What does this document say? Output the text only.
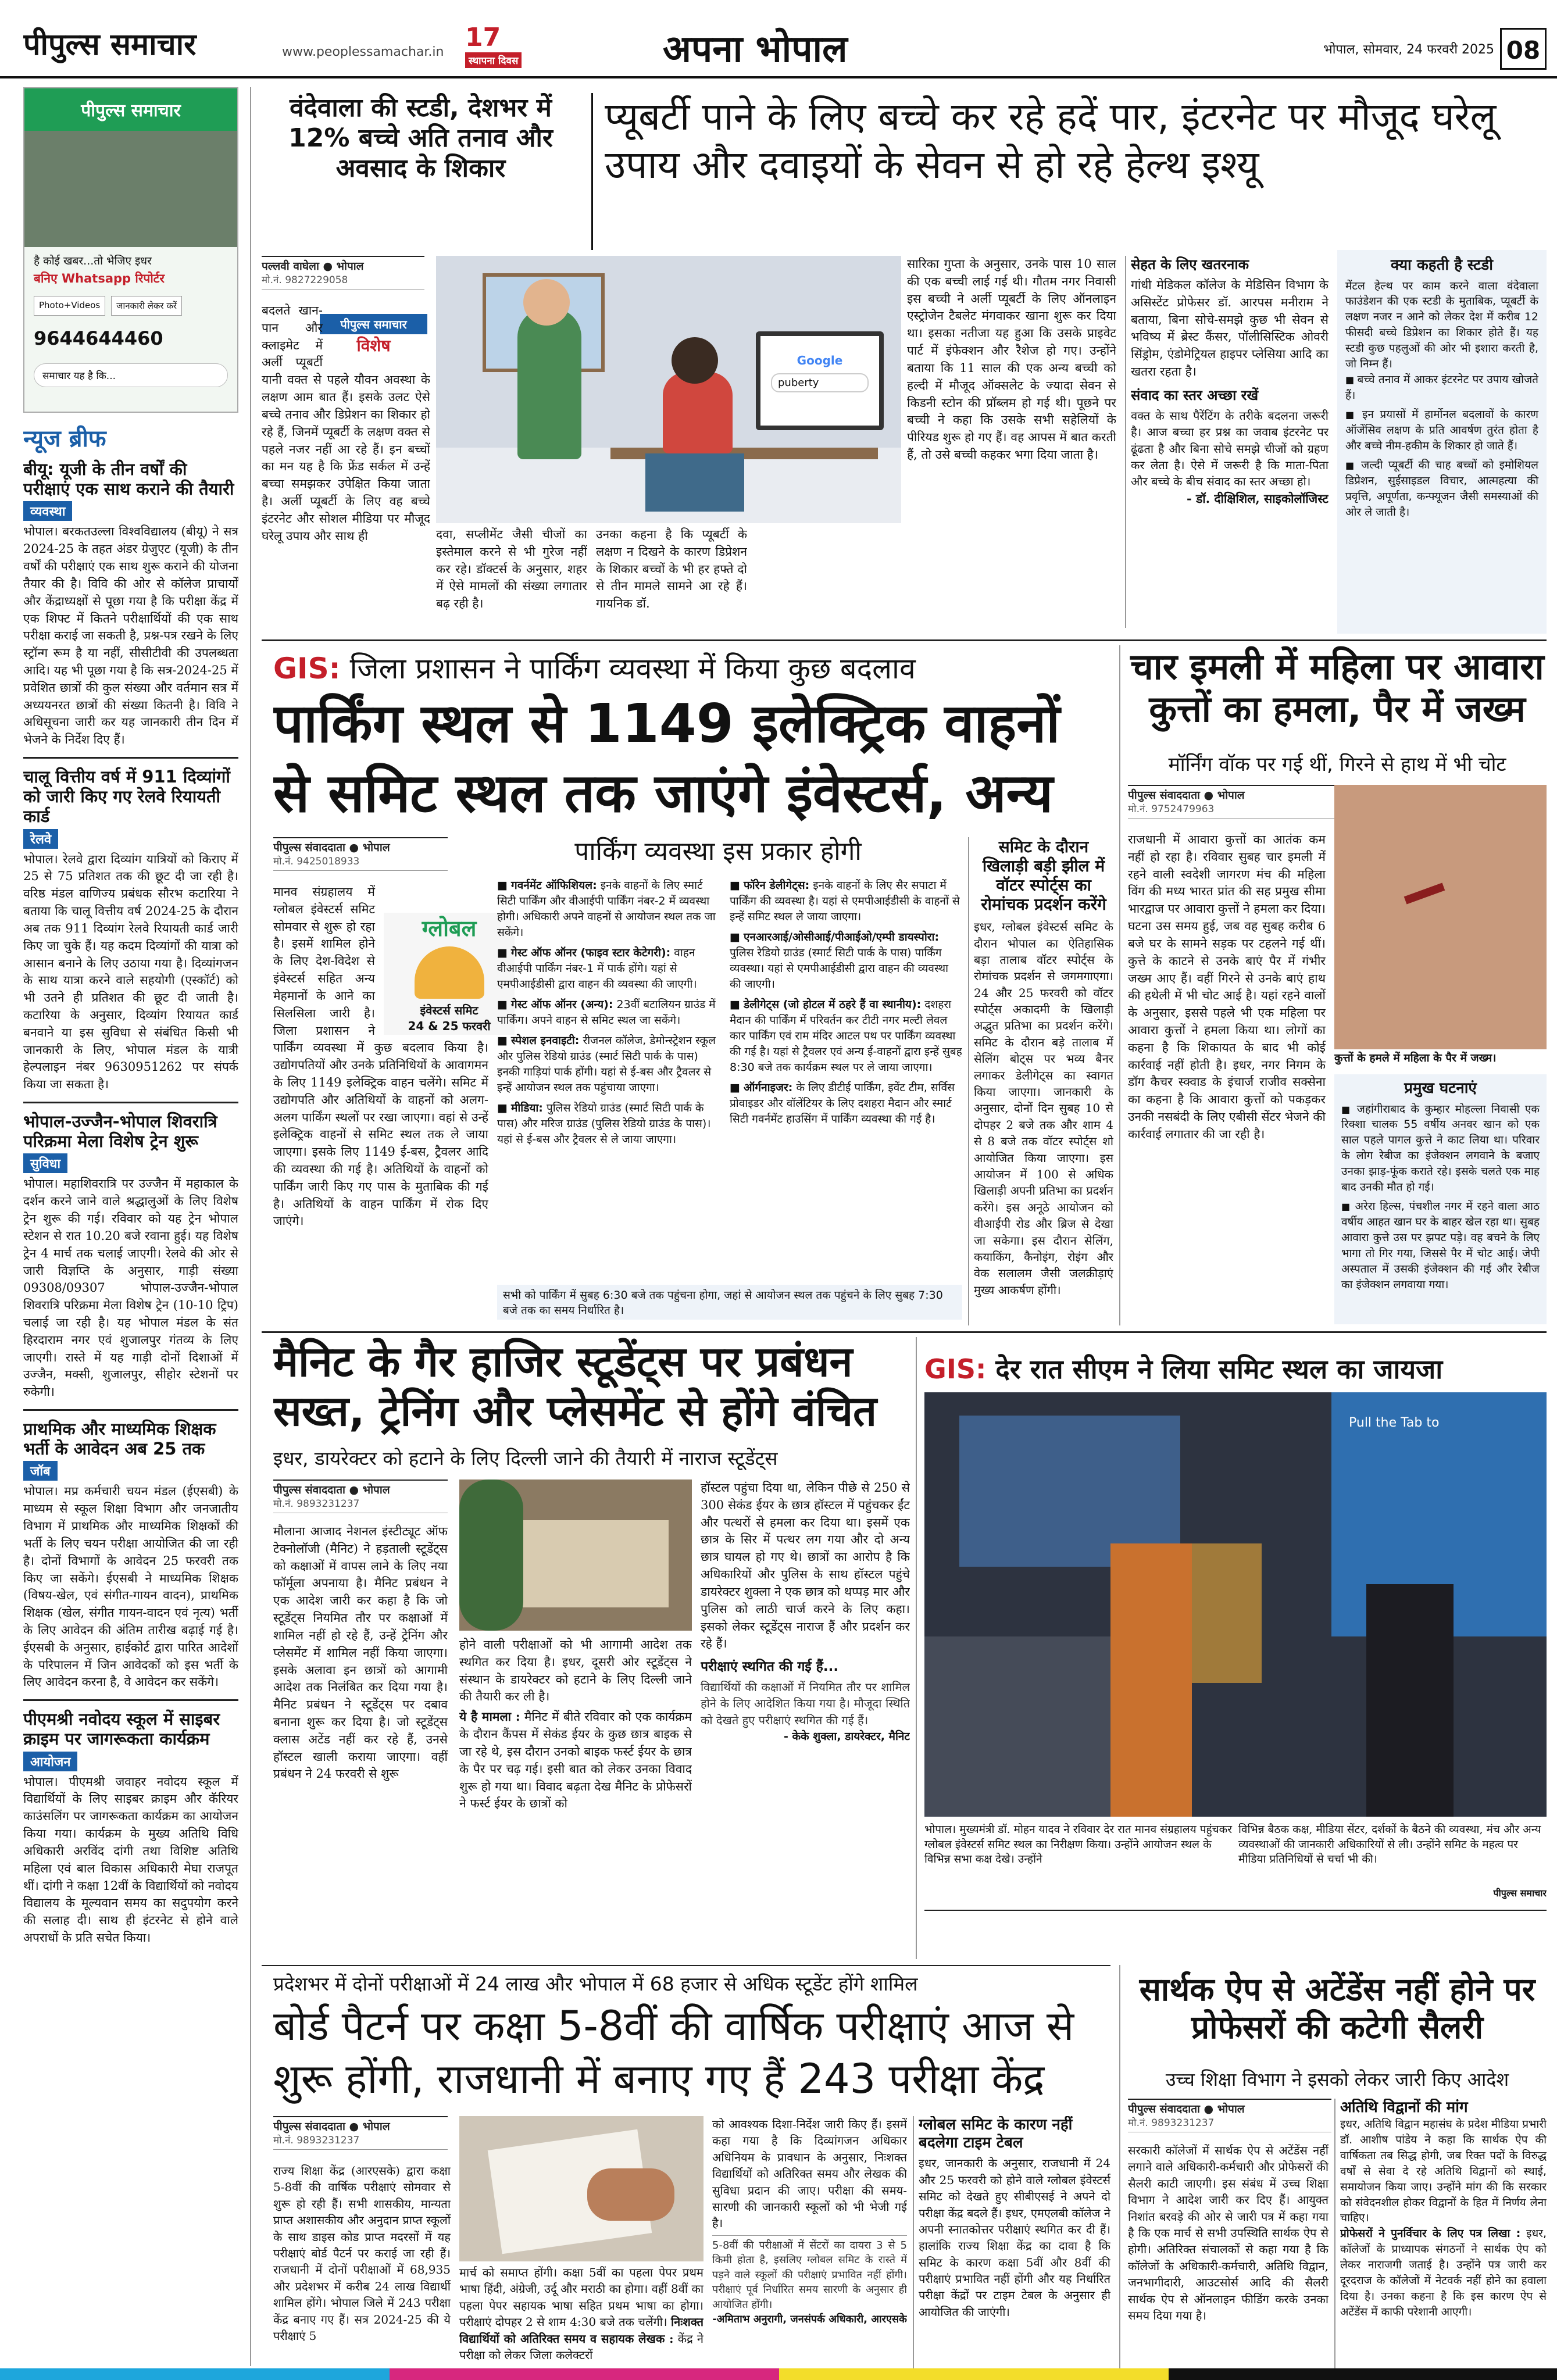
पीपुल्स समाचार	www.peoplessamachar.in 17
स्थापना दिवस	अपना भोपाल	भोपाल, सोमवार, 24 फरवरी 2025 08
पीपुल्स समाचार
है कोई खबर...तो भेजिए इधर
बनिए Whatsapp रिपोर्टर
Photo+Videos	जानकारी लेकर करें
9644644460
समाचार यह है कि...
न्यूज ब्रीफ
बीयू: यूजी के तीन वर्षों की परीक्षाएं एक साथ कराने की तैयारी
व्यवस्था
भोपाल। बरकतउल्ला विश्वविद्यालय (बीयू) ने सत्र 2024-25 के तहत अंडर ग्रेजुएट (यूजी) के तीन वर्षों की परीक्षाएं एक साथ शुरू कराने की योजना तैयार की है। विवि की ओर से कॉलेज प्राचार्यों और केंद्राध्यक्षों से पूछा गया है कि परीक्षा केंद्र में एक शिफ्ट में कितने परीक्षार्थियों की एक साथ परीक्षा कराई जा सकती है, प्रश्न-पत्र रखने के लिए स्ट्रॉन्ग रूम है या नहीं, सीसीटीवी की उपलब्धता आदि। यह भी पूछा गया है कि सत्र-2024-25 में प्रवेशित छात्रों की कुल संख्या और वर्तमान सत्र में अध्ययनरत छात्रों की संख्या कितनी है। विवि ने अधिसूचना जारी कर यह जानकारी तीन दिन में भेजने के निर्देश दिए हैं।
चालू वित्तीय वर्ष में 911 दिव्यांगों को जारी किए गए रेलवे रियायती कार्ड
रेलवे
भोपाल। रेलवे द्वारा दिव्यांग यात्रियों को किराए में 25 से 75 प्रतिशत तक की छूट दी जा रही है। वरिष्ठ मंडल वाणिज्य प्रबंधक सौरभ कटारिया ने बताया कि चालू वित्तीय वर्ष 2024-25 के दौरान अब तक 911 दिव्यांग रेलवे रियायती कार्ड जारी किए जा चुके हैं। यह कदम दिव्यांगों की यात्रा को आसान बनाने के लिए उठाया गया है। दिव्यांगजन के साथ यात्रा करने वाले सहयोगी (एस्कॉर्ट) को भी उतने ही प्रतिशत की छूट दी जाती है। कटारिया के अनुसार, दिव्यांग रियायत कार्ड बनवाने या इस सुविधा से संबंधित किसी भी जानकारी के लिए, भोपाल मंडल के यात्री हेल्पलाइन नंबर 9630951262 पर संपर्क किया जा सकता है।
भोपाल-उज्जैन-भोपाल शिवरात्रि परिक्रमा मेला विशेष ट्रेन शुरू
सुविधा
भोपाल। महाशिवरात्रि पर उज्जैन में महाकाल के दर्शन करने जाने वाले श्रद्धालुओं के लिए विशेष ट्रेन शुरू की गई। रविवार को यह ट्रेन भोपाल स्टेशन से रात 10.20 बजे रवाना हुई। यह विशेष ट्रेन 4 मार्च तक चलाई जाएगी। रेलवे की ओर से जारी विज्ञप्ति के अनुसार, गाड़ी संख्या 09308/09307 भोपाल-उज्जैन-भोपाल शिवरात्रि परिक्रमा मेला विशेष ट्रेन (10-10 ट्रिप) चलाई जा रही है। यह भोपाल मंडल के संत हिरदाराम नगर एवं शुजालपुर गंतव्य के लिए जाएगी। रास्ते में यह गाड़ी दोनों दिशाओं में उज्जैन, मक्सी, शुजालपुर, सीहोर स्टेशनों पर रुकेगी।
प्राथमिक और माध्यमिक शिक्षक भर्ती के आवेदन अब 25 तक
जॉब
भोपाल। मप्र कर्मचारी चयन मंडल (ईएसबी) के माध्यम से स्कूल शिक्षा विभाग और जनजातीय विभाग में प्राथमिक और माध्यमिक शिक्षकों की भर्ती के लिए चयन परीक्षा आयोजित की जा रही है। दोनों विभागों के आवेदन 25 फरवरी तक किए जा सकेंगे। ईएसबी ने माध्यमिक शिक्षक (विषय-खेल, एवं संगीत-गायन वादन), प्राथमिक शिक्षक (खेल, संगीत गायन-वादन एवं नृत्य) भर्ती के लिए आवेदन की अंतिम तारीख बढ़ाई गई है। ईएसबी के अनुसार, हाईकोर्ट द्वारा पारित आदेशों के परिपालन में जिन आवेदकों को इस भर्ती के लिए आवेदन करना है, वे आवेदन कर सकेंगे।
पीएमश्री नवोदय स्कूल में साइबर क्राइम पर जागरूकता कार्यक्रम
आयोजन
भोपाल। पीएमश्री जवाहर नवोदय स्कूल में विद्यार्थियों के लिए साइबर क्राइम और कॅरियर काउंसलिंग पर जागरूकता कार्यक्रम का आयोजन किया गया। कार्यक्रम के मुख्य अतिथि विधि अधिकारी अरविंद दांगी तथा विशिष्ट अतिथि महिला एवं बाल विकास अधिकारी मेघा राजपूत थीं। दांगी ने कक्षा 12वीं के विद्यार्थियों को नवोदय विद्यालय के मूल्यवान समय का सदुपयोग करने की सलाह दी। साथ ही इंटरनेट से होने वाले अपराधों के प्रति सचेत किया।
वंदेवाला की स्टडी, देशभर में 12% बच्चे अति तनाव और अवसाद के शिकार
प्यूबर्टी पाने के लिए बच्चे कर रहे हदें पार, इंटरनेट पर मौजूद घरेलू उपाय और दवाइयों के सेवन से हो रहे हेल्थ इश्यू
पल्लवी वाघेला ● भोपाल
मो.नं. 9827229058
पीपुल्स समाचार
विशेष
बदलते खान-पान और क्लाइमेट में अर्ली प्यूबर्टी यानी वक्त से पहले यौवन अवस्था के लक्षण आम बात हैं। इसके उलट ऐसे बच्चे तनाव और डिप्रेशन का शिकार हो रहे हैं, जिनमें प्यूबर्टी के लक्षण वक्त से पहले नजर नहीं आ रहे हैं। इन बच्चों का मन यह है कि फ्रेंड सर्कल में उन्हें बच्चा समझकर उपेक्षित किया जाता है। अर्ली प्यूबर्टी के लिए वह बच्चे इंटरनेट और सोशल मीडिया पर मौजूद घरेलू उपाय और साथ ही
Google
puberty
दवा, सप्लीमेंट जैसी चीजों का इस्तेमाल करने से भी गुरेज नहीं कर रहे। डॉक्टर्स के अनुसार, शहर में ऐसे मामलों की संख्या लगातार बढ़ रही है।
उनका कहना है कि प्यूबर्टी के लक्षण न दिखने के कारण डिप्रेशन के शिकार बच्चों के भी हर हफ्ते दो से तीन मामले सामने आ रहे हैं। गायनिक डॉ.
सारिका गुप्ता के अनुसार, उनके पास 10 साल की एक बच्ची लाई गई थी। गौतम नगर निवासी इस बच्ची ने अर्ली प्यूबर्टी के लिए ऑनलाइन एस्ट्रोजेन टैबलेट मंगवाकर खाना शुरू कर दिया था। इसका नतीजा यह हुआ कि उसके प्राइवेट पार्ट में इंफेक्शन और रैशेज हो गए। उन्होंने बताया कि 11 साल की एक अन्य बच्ची को हल्दी में मौजूद ऑक्सलेट के ज्यादा सेवन से किडनी स्टोन की प्रॉब्लम हो गई थी। पूछने पर बच्ची ने कहा कि उसके सभी सहेलियों के पीरियड शुरू हो गए हैं। वह आपस में बात करती हैं, तो उसे बच्ची कहकर भगा दिया जाता है।
सेहत के लिए खतरनाक
गांधी मेडिकल कॉलेज के मेडिसिन विभाग के असिस्टेंट प्रोफेसर डॉ. आरपस मनीराम ने बताया, बिना सोचे-समझे कुछ भी सेवन से भविष्य में ब्रेस्ट कैंसर, पॉलीसिस्टिक ओवरी सिंड्रोम, एंडोमेट्रियल हाइपर प्लेसिया आदि का खतरा रहता है।
संवाद का स्तर अच्छा रखें
वक्त के साथ पैरेंटिंग के तरीके बदलना जरूरी है। आज बच्चा हर प्रश्न का जवाब इंटरनेट पर ढूंढता है और बिना सोचे समझे चीजों को ग्रहण कर लेता है। ऐसे में जरूरी है कि माता-पिता और बच्चे के बीच संवाद का स्तर अच्छा हो।
- डॉ. दीक्षिशिल, साइकोलॉजिस्ट
क्या कहती है स्टडी
मेंटल हेल्थ पर काम करने वाला वंदेवाला फाउंडेशन की एक स्टडी के मुताबिक, प्यूबर्टी के लक्षण नजर न आने को लेकर देश में करीब 12 फीसदी बच्चे डिप्रेशन का शिकार होते हैं। यह स्टडी कुछ पहलुओं की ओर भी इशारा करती है, जो निम्न हैं।
■ बच्चे तनाव में आकर इंटरनेट पर उपाय खोजते हैं।
■ इन प्रयासों में हार्मोनल बदलावों के कारण ऑजेंसिव लक्षण के प्रति आवर्षण तुरंत होता है और बच्चे नीम-हकीम के शिकार हो जाते हैं।
■ जल्दी प्यूबर्टी की चाह बच्चों को इमोशियल डिप्रेशन, सुईसाइडल विचार, आत्महत्या की प्रवृत्ति, अपूर्णता, कन्फ्यूजन जैसी समस्याओं की ओर ले जाती है।
GIS: जिला प्रशासन ने पार्किंग व्यवस्था में किया कुछ बदलाव
पार्किंग स्थल से 1149 इलेक्ट्रिक वाहनों से समिट स्थल तक जाएंगे इंवेस्टर्स, अन्य
पीपुल्स संवाददाता ● भोपाल
मो.नं. 9425018933	पार्किंग व्यवस्था इस प्रकार होगी
ग्लोबल
इंवेस्टर्स समिट
24 & 25 फरवरी
मानव संग्रहालय में ग्लोबल इंवेस्टर्स समिट सोमवार से शुरू हो रहा है। इसमें शामिल होने के लिए देश-विदेश से इंवेस्टर्स सहित अन्य मेहमानों के आने का सिलसिला जारी है। जिला प्रशासन ने पार्किंग व्यवस्था में कुछ बदलाव किया है। उद्योगपतियों और उनके प्रतिनिधियों के आवागमन के लिए 1149 इलेक्ट्रिक वाहन चलेंगे। समिट में उद्योगपति और अतिथियों के वाहनों को अलग-अलग पार्किंग स्थलों पर रखा जाएगा। वहां से उन्हें इलेक्ट्रिक वाहनों से समिट स्थल तक ले जाया जाएगा। इसके लिए 1149 ई-बस, ट्रैवलर आदि की व्यवस्था की गई है। अतिथियों के वाहनों को पार्किंग जारी किए गए पास के मुताबिक की गई है। अतिथियों के वाहन पार्किंग में रोक दिए जाएंगे।

■ गवर्नमेंट ऑफिशियल: इनके वाहनों के लिए स्मार्ट सिटी पार्किंग और वीआईपी पार्किंग नंबर-2 में व्यवस्था होगी। अधिकारी अपने वाहनों से आयोजन स्थल तक जा सकेंगे।

■ गेस्ट ऑफ ऑनर (फाइव स्टार केटेगरी): वाहन वीआईपी पार्किंग नंबर-1 में पार्क होंगे। यहां से एमपीआईडीसी द्वारा वाहन की व्यवस्था की जाएगी।

■ गेस्ट ऑफ ऑनर (अन्य): 23वीं बटालियन ग्राउंड में पार्किंग। अपने वाहन से समिट स्थल जा सकेंगे।

■ स्पेशल इनवाइटी: रीजनल कॉलेज, डेमोन्स्ट्रेशन स्कूल और पुलिस रेडियो ग्राउंड (स्मार्ट सिटी पार्क के पास) इनकी गाड़ियां पार्क होंगी। यहां से ई-बस और ट्रैवलर से इन्हें आयोजन स्थल तक पहुंचाया जाएगा।

■ मीडिया: पुलिस रेडियो ग्राउंड (स्मार्ट सिटी पार्क के पास) और मरिज ग्राउंड (पुलिस रेडियो ग्राउंड के पास)। यहां से ई-बस और ट्रैवलर से ले जाया जाएगा।

■ फॉरेन डेलीगेट्स: इनके वाहनों के लिए सैर सपाटा में पार्किंग की व्यवस्था है। यहां से एमपीआईडीसी के वाहनों से इन्हें समिट स्थल ले जाया जाएगा।

■ एनआरआई/ओसीआई/पीआईओ/एम्पी डायस्पोरा: पुलिस रेडियो ग्राउंड (स्मार्ट सिटी पार्क के पास) पार्किंग व्यवस्था। यहां से एमपीआईडीसी द्वारा वाहन की व्यवस्था की जाएगी।

■ डेलीगेट्स (जो होटल में ठहरे हैं वा स्थानीय): दशहरा मैदान की पार्किंग में परिवर्तन कर टीटी नगर मल्टी लेवल कार पार्किंग एवं राम मंदिर आटल पथ पर पार्किंग व्यवस्था की गई है। यहां से ट्रैवलर एवं अन्य ई-वाहनों द्वारा इन्हें सुबह 8:30 बजे तक कार्यक्रम स्थल पर ले जाया जाएगा।

■ ऑर्गनाइजर: के लिए डीटीई पार्किंग, इवेंट टीम, सर्विस प्रोवाइडर और वॉलेंटियर के लिए दशहरा मैदान और स्मार्ट सिटी गवर्नमेंट हाउसिंग में पार्किंग व्यवस्था की गई है।

सभी को पार्किंग में सुबह 6:30 बजे तक पहुंचना होगा, जहां से आयोजन स्थल तक पहुंचने के लिए सुबह 7:30 बजे तक का समय निर्धारित है।
समिट के दौरान खिलाड़ी बड़ी झील में वॉटर स्पोर्ट्स का रोमांचक प्रदर्शन करेंगे
इधर, ग्लोबल इंवेस्टर्स समिट के दौरान भोपाल का ऐतिहासिक बड़ा तालाब वॉटर स्पोर्ट्स के रोमांचक प्रदर्शन से जगमगाएगा। 24 और 25 फरवरी को वॉटर स्पोर्ट्स अकादमी के खिलाड़ी अद्भुत प्रतिभा का प्रदर्शन करेंगे। समिट के दौरान बड़े तालाब में सेलिंग बोट्स पर भव्य बैनर लगाकर डेलीगेट्स का स्वागत किया जाएगा। जानकारी के अनुसार, दोनों दिन सुबह 10 से दोपहर 2 बजे तक और शाम 4 से 8 बजे तक वॉटर स्पोर्ट्स शो आयोजित किया जाएगा। इस आयोजन में 100 से अधिक खिलाड़ी अपनी प्रतिभा का प्रदर्शन करेंगे। इस अनूठे आयोजन को वीआईपी रोड और ब्रिज से देखा जा सकेगा। इस दौरान सेलिंग, कयाकिंग, कैनोइंग, रोइंग और वेक सलालम जैसी जलक्रीड़ाएं मुख्य आकर्षण होंगी।
चार इमली में महिला पर आवारा कुत्तों का हमला, पैर में जख्म
मॉर्निंग वॉक पर गई थीं, गिरने से हाथ में भी चोट
पीपुल्स संवाददाता ● भोपाल
मो.नं. 9752479963
राजधानी में आवारा कुत्तों का आतंक कम नहीं हो रहा है। रविवार सुबह चार इमली में रहने वाली स्वदेशी जागरण मंच की महिला विंग की मध्य भारत प्रांत की सह प्रमुख सीमा भारद्वाज पर आवारा कुत्तों ने हमला कर दिया। घटना उस समय हुई, जब वह सुबह करीब 6 बजे घर के सामने सड़क पर टहलने गई थीं। कुत्ते के काटने से उनके बाएं पैर में गंभीर जख्म आए हैं। वहीं गिरने से उनके बाएं हाथ की हथेली में भी चोट आई है। यहां रहने वालों के अनुसार, इससे पहले भी एक महिला पर आवारा कुत्तों ने हमला किया था। लोगों का कहना है कि शिकायत के बाद भी कोई कार्रवाई नहीं होती है। इधर, नगर निगम के डॉग कैचर स्क्वाड के इंचार्ज राजीव सक्सेना का कहना है कि आवारा कुत्तों को पकड़कर उनकी नसबंदी के लिए एबीसी सेंटर भेजने की कार्रवाई लगातार की जा रही है।
कुत्तों के हमले में महिला के पैर में जख्म।
प्रमुख घटनाएं
■ जहांगीराबाद के कुम्हार मोहल्ला निवासी एक रिक्शा चालक 55 वर्षीय अनवर खान को एक साल पहले पागल कुत्ते ने काट लिया था। परिवार के लोग रेबीज का इंजेक्शन लगवाने के बजाए उनका झाड़-फूंक कराते रहे। इसके चलते एक माह बाद उनकी मौत हो गई।
■ अरेरा हिल्स, पंचशील नगर में रहने वाला आठ वर्षीय आहत खान घर के बाहर खेल रहा था। सुबह आवारा कुत्ते उस पर झपट पड़े। वह बचने के लिए भागा तो गिर गया, जिससे पैर में चोट आई। जेपी अस्पताल में उसकी इंजेक्शन की गई और रेबीज का इंजेक्शन लगवाया गया।
मैनिट के गैर हाजिर स्टूडेंट्स पर प्रबंधन सख्त, ट्रेनिंग और प्लेसमेंट से होंगे वंचित
इधर, डायरेक्टर को हटाने के लिए दिल्ली जाने की तैयारी में नाराज स्टूडेंट्स
पीपुल्स संवाददाता ● भोपाल
मो.नं. 9893231237
मौलाना आजाद नेशनल इंस्टीट्यूट ऑफ टेक्नोलॉजी (मैनिट) ने हड़ताली स्टूडेंट्स को कक्षाओं में वापस लाने के लिए नया फॉर्मूला अपनाया है। मैनिट प्रबंधन ने एक आदेश जारी कर कहा है कि जो स्टूडेंट्स नियमित तौर पर कक्षाओं में शामिल नहीं हो रहे हैं, उन्हें ट्रेनिंग और प्लेसमेंट में शामिल नहीं किया जाएगा। इसके अलावा इन छात्रों को आगामी आदेश तक निलंबित कर दिया गया है। मैनिट प्रबंधन ने स्टूडेंट्स पर दबाव बनाना शुरू कर दिया है। जो स्टूडेंट्स क्लास अटेंड नहीं कर रहे हैं, उनसे हॉस्टल खाली कराया जाएगा। वहीं प्रबंधन ने 24 फरवरी से शुरू
होने वाली परीक्षाओं को भी आगामी आदेश तक स्थगित कर दिया है। इधर, दूसरी ओर स्टूडेंट्स ने संस्थान के डायरेक्टर को हटाने के लिए दिल्ली जाने की तैयारी कर ली है।

ये है मामला : मैनिट में बीते रविवार को एक कार्यक्रम के दौरान कैंपस में सेकंड ईयर के कुछ छात्र बाइक से जा रहे थे, इस दौरान उनको बाइक फर्स्ट ईयर के छात्र के पैर पर चढ़ गई। इसी बात को लेकर उनका विवाद शुरू हो गया था। विवाद बढ़ता देख मैनिट के प्रोफेसरों ने फर्स्ट ईयर के छात्रों को

हॉस्टल पहुंचा दिया था, लेकिन पीछे से 250 से 300 सेकंड ईयर के छात्र हॉस्टल में पहुंचकर ईंट और पत्थरों से हमला कर दिया था। इसमें एक छात्र के सिर में पत्थर लग गया और दो अन्य छात्र घायल हो गए थे। छात्रों का आरोप है कि अधिकारियों और पुलिस के साथ हॉस्टल पहुंचे डायरेक्टर शुक्ला ने एक छात्र को थप्पड़ मार और पुलिस को लाठी चार्ज करने के लिए कहा। इसको लेकर स्टूडेंट्स नाराज हैं और प्रदर्शन कर रहे हैं।
परीक्षाएं स्थगित की गई हैं...
विद्यार्थियों की कक्षाओं में नियमित तौर पर शामिल होने के लिए आदेशित किया गया है। मौजूदा स्थिति को देखते हुए परीक्षाएं स्थगित की गई हैं।
- केके शुक्ला, डायरेक्टर, मैनिट
GIS: देर रात सीएम ने लिया समिट स्थल का जायजा
Pull the Tab to
भोपाल। मुख्यमंत्री डॉ. मोहन यादव ने रविवार देर रात मानव संग्रहालय पहुंचकर ग्लोबल इंवेस्टर्स समिट स्थल का निरीक्षण किया। उन्होंने आयोजन स्थल के विभिन्न सभा कक्ष देखे। उन्होंने
विभिन्न बैठक कक्ष, मीडिया सेंटर, दर्शकों के बैठने की व्यवस्था, मंच और अन्य व्यवस्थाओं की जानकारी अधिकारियों से ली। उन्होंने समिट के महत्व पर मीडिया प्रतिनिधियों से चर्चा भी की।
पीपुल्स समाचार
प्रदेशभर में दोनों परीक्षाओं में 24 लाख और भोपाल में 68 हजार से अधिक स्टूडेंट होंगे शामिल
बोर्ड पैटर्न पर कक्षा 5-8वीं की वार्षिक परीक्षाएं आज से शुरू होंगी, राजधानी में बनाए गए हैं 243 परीक्षा केंद्र
पीपुल्स संवाददाता ● भोपाल
मो.नं. 9893231237
राज्य शिक्षा केंद्र (आरएसके) द्वारा कक्षा 5-8वीं की वार्षिक परीक्षाएं सोमवार से शुरू हो रही हैं। सभी शासकीय, मान्यता प्राप्त अशासकीय और अनुदान प्राप्त स्कूलों के साथ डाइस कोड प्राप्त मदरसों में यह परीक्षाएं बोर्ड पैटर्न पर कराई जा रही हैं। राजधानी में दोनों परीक्षाओं में 68,935 और प्रदेशभर में करीब 24 लाख विद्यार्थी शामिल होंगे। भोपाल जिले में 243 परीक्षा केंद्र बनाए गए हैं। सत्र 2024-25 की ये परीक्षाएं 5
मार्च को समाप्त होंगी। कक्षा 5वीं का पहला पेपर प्रथम भाषा हिंदी, अंग्रेजी, उर्दू और मराठी का होगा। वहीं 8वीं का पहला पेपर सहायक भाषा सहित प्रथम भाषा का होगा। परीक्षाएं दोपहर 2 से शाम 4:30 बजे तक चलेंगी। निःशक्त विद्यार्थियों को अतिरिक्त समय व सहायक लेखक : केंद्र ने परीक्षा को लेकर जिला कलेक्टरों
को आवश्यक दिशा-निर्देश जारी किए हैं। इसमें कहा गया है कि दिव्यांगजन अधिकार अधिनियम के प्रावधान के अनुसार, निःशक्त विद्यार्थियों को अतिरिक्त समय और लेखक की सुविधा प्रदान की जाए। परीक्षा की समय-सारणी की जानकारी स्कूलों को भी भेजी गई है।
5-8वीं की परीक्षाओं में सेंटरों का दायरा 3 से 5 किमी होता है, इसलिए ग्लोबल समिट के रास्ते में पड़ने वाले स्कूलों की परीक्षाएं प्रभावित नहीं होंगी। परीक्षाएं पूर्व निर्धारित समय सारणी के अनुसार ही आयोजित होंगी।
-अमिताभ अनुरागी, जनसंपर्क अधिकारी, आरएसके
ग्लोबल समिट के कारण नहीं बदलेगा टाइम टेबल
इधर, जानकारी के अनुसार, राजधानी में 24 और 25 फरवरी को होने वाले ग्लोबल इंवेस्टर्स समिट को देखते हुए सीबीएसई ने अपने दो परीक्षा केंद्र बदले हैं। इधर, एमएलबी कॉलेज ने अपनी स्नातकोत्तर परीक्षाएं स्थगित कर दी हैं। हालांकि राज्य शिक्षा केंद्र का दावा है कि समिट के कारण कक्षा 5वीं और 8वीं की परीक्षाएं प्रभावित नहीं होंगी और यह निर्धारित परीक्षा केंद्रों पर टाइम टेबल के अनुसार ही आयोजित की जाएंगी।
सार्थक ऐप से अटेंडेंस नहीं होने पर प्रोफेसरों की कटेगी सैलरी
उच्च शिक्षा विभाग ने इसको लेकर जारी किए आदेश
पीपुल्स संवाददाता ● भोपाल
मो.नं. 9893231237
सरकारी कॉलेजों में सार्थक ऐप से अटेंडेंस नहीं लगाने वाले अधिकारी-कर्मचारी और प्रोफेसरों की सैलरी काटी जाएगी। इस संबंध में उच्च शिक्षा विभाग ने आदेश जारी कर दिए हैं। आयुक्त निशांत बरवड़े की ओर से जारी पत्र में कहा गया है कि एक मार्च से सभी उपस्थिति सार्थक ऐप से होगी। अतिरिक्त संचालकों से कहा गया है कि कॉलेजों के अधिकारी-कर्मचारी, अतिथि विद्वान, जनभागीदारी, आउटसोर्स आदि की सैलरी सार्थक ऐप से ऑनलाइन फीडिंग करके उनका समय दिया गया है।
अतिथि विद्वानों की मांग
इधर, अतिथि विद्वान महासंघ के प्रदेश मीडिया प्रभारी डॉ. आशीष पांडेय ने कहा कि सार्थक ऐप की वार्षिकता तब सिद्ध होगी, जब रिक्त पदों के विरुद्ध वर्षों से सेवा दे रहे अतिथि विद्वानों को स्थाई, समायोजन किया जाए। उन्होंने मांग की कि सरकार को संवेदनशील होकर विद्वानों के हित में निर्णय लेना चाहिए।
प्रोफेसरों ने पुनर्विचार के लिए पत्र लिखा : इधर, कॉलेजों के प्राध्यापक संगठनों ने सार्थक ऐप को लेकर नाराजगी जताई है। उन्होंने पत्र जारी कर दूरदराज के कॉलेजों में नेटवर्क नहीं होने का हवाला दिया है। उनका कहना है कि इस कारण ऐप से अटेंडेंस में काफी परेशानी आएगी।
